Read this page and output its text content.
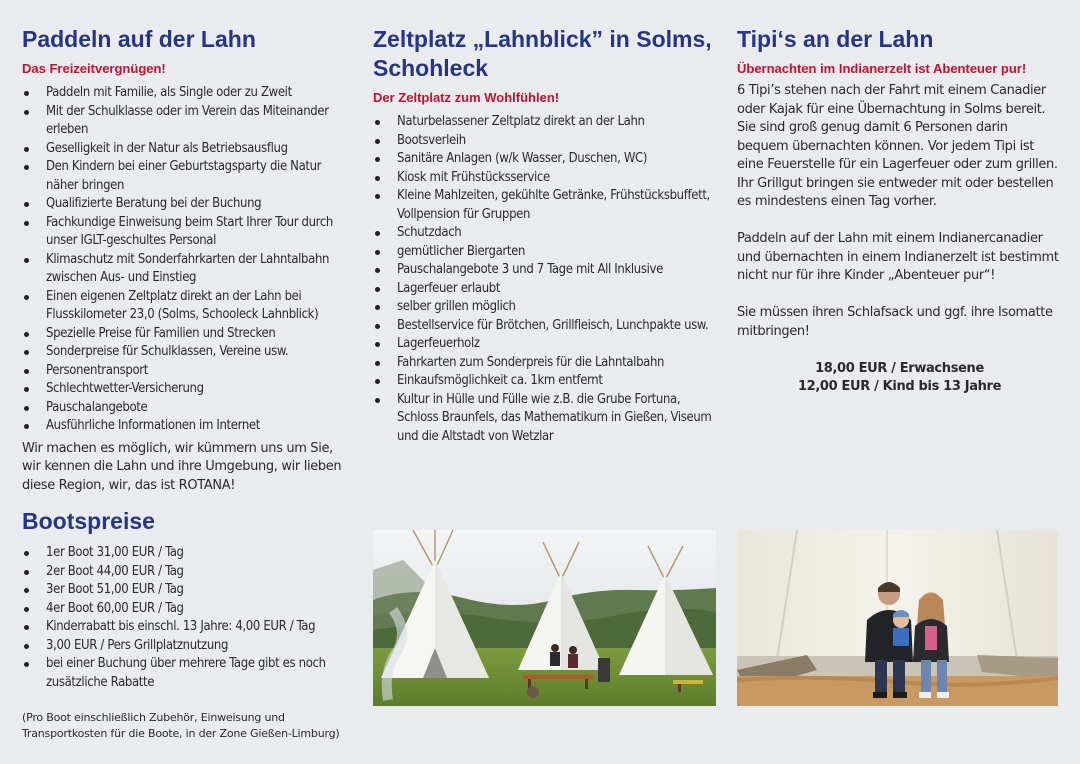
Paddeln auf der Lahn
Das Freizeitvergnügen!
Paddeln mit Familie, als Single oder zu Zweit
Mit der Schulklasse oder im Verein das Miteinander erleben
Geselligkeit in der Natur als Betriebsausflug
Den Kindern bei einer Geburtstagsparty die Natur näher bringen
Qualifizierte Beratung bei der Buchung
Fachkundige Einweisung beim Start Ihrer Tour durch unser IGLT-geschultes Personal
Klimaschutz mit Sonderfahrkarten der Lahntalbahn zwischen Aus- und Einstieg
Einen eigenen Zeltplatz direkt an der Lahn bei Flusskilometer 23,0 (Solms, Schooleck Lahnblick)
Spezielle Preise für Familien und Strecken
Sonderpreise für Schulklassen, Vereine usw.
Personentransport
Schlechtwetter-Versicherung
Pauschalangebote
Ausführliche Informationen im Internet

Wir machen es möglich, wir kümmern uns um Sie, wir kennen die Lahn und ihre Umgebung, wir lieben diese Region, wir, das ist ROTANA!

Bootspreise
1er Boot 31,00 EUR / Tag
2er Boot 44,00 EUR / Tag
3er Boot 51,00 EUR / Tag
4er Boot 60,00 EUR / Tag
Kinderrabatt bis einschl. 13 Jahre: 4,00 EUR / Tag
3,00 EUR / Pers Grillplatznutzung
bei einer Buchung über mehrere Tage gibt es noch zusätzliche Rabatte

(Pro Boot einschließlich Zubehör, Einweisung und Transportkosten für die Boote, in der Zone Gießen-Limburg)

Zeltplatz „Lahnblick” in Solms, Schohleck
Der Zeltplatz zum Wohlfühlen!
Naturbelassener Zeltplatz direkt an der Lahn
Bootsverleih
Sanitäre Anlagen (w/k Wasser, Duschen, WC)
Kiosk mit Frühstücksservice
Kleine Mahlzeiten, gekühlte Getränke, Frühstücksbuffett, Vollpension für Gruppen
Schutzdach
gemütlicher Biergarten
Pauschalangebote 3 und 7 Tage mit All Inklusive
Lagerfeuer erlaubt
selber grillen möglich
Bestellservice für Brötchen, Grillfleisch, Lunchpakte usw.
Lagerfeuerholz
Fahrkarten zum Sonderpreis für die Lahntalbahn
Einkaufsmöglichkeit ca. 1km entfernt
Kultur in Hülle und Fülle wie z.B. die Grube Fortuna, Schloss Braunfels, das Mathematikum in Gießen, Viseum und die Altstadt von Wetzlar
Tipi‘s an der Lahn
Übernachten im Indianerzelt ist Abenteuer pur!

6 Tipi’s stehen nach der Fahrt mit einem Canadier oder Kajak für eine Übernachtung in Solms bereit. Sie sind groß genug damit 6 Personen darin bequem übernachten können. Vor jedem Tipi ist eine Feuerstelle für ein Lagerfeuer oder zum grillen. Ihr Grillgut bringen sie entweder mit oder bestellen es mindestens einen Tag vorher.

Paddeln auf der Lahn mit einem Indianercanadier und übernachten in einem Indianerzelt ist bestimmt nicht nur für ihre Kinder „Abenteuer pur“!

Sie müssen ihren Schlafsack und ggf. ihre Isomatte mitbringen!

18,00 EUR / Erwachsene

12,00 EUR / Kind bis 13 Jahre
